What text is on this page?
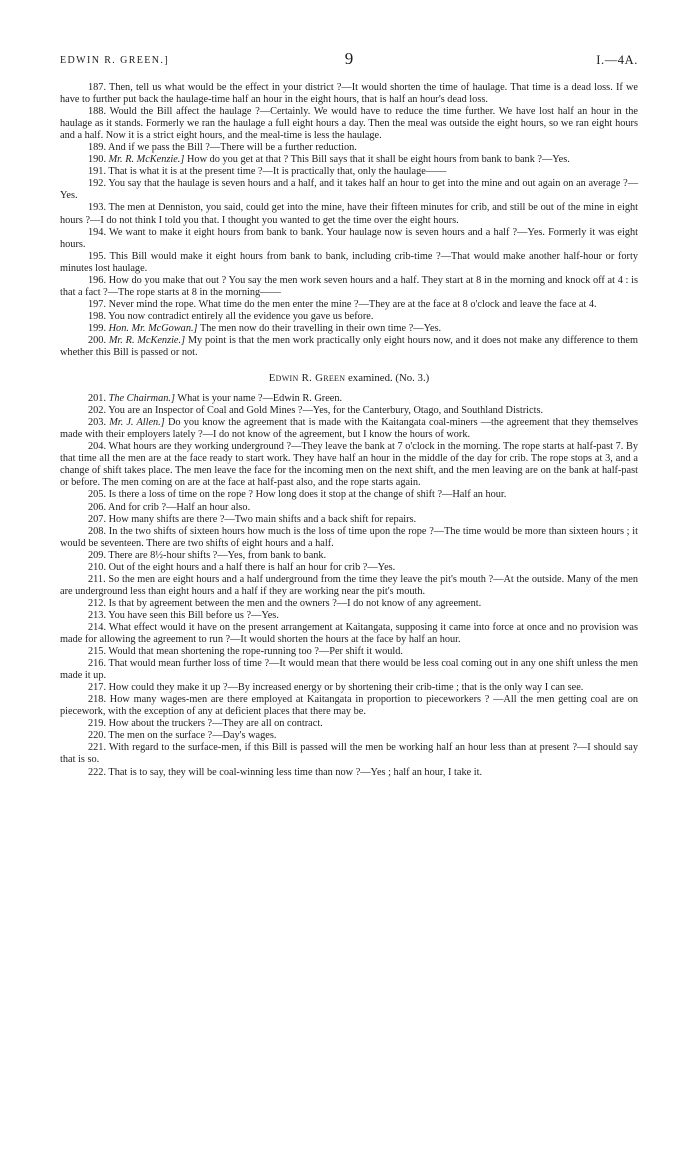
EDWIN R. GREEN.]	9	I.—4A.

187. Then, tell us what would be the effect in your district ?—It would shorten the time of haulage. That time is a dead loss. If we have to further put back the haulage-time half an hour in the eight hours, that is half an hour's dead loss.

188. Would the Bill affect the haulage ?—Certainly. We would have to reduce the time further. We have lost half an hour in the haulage as it stands. Formerly we ran the haulage a full eight hours a day. Then the meal was outside the eight hours, so we ran eight hours and a half. Now it is a strict eight hours, and the meal-time is less the haulage.

189. And if we pass the Bill ?—There will be a further reduction.

190. Mr. R. McKenzie.] How do you get at that ? This Bill says that it shall be eight hours from bank to bank ?—Yes.

191. That is what it is at the present time ?—It is practically that, only the haulage——

192. You say that the haulage is seven hours and a half, and it takes half an hour to get into the mine and out again on an average ?—Yes.

193. The men at Denniston, you said, could get into the mine, have their fifteen minutes for crib, and still be out of the mine in eight hours ?—I do not think I told you that. I thought you wanted to get the time over the eight hours.

194. We want to make it eight hours from bank to bank. Your haulage now is seven hours and a half ?—Yes. Formerly it was eight hours.

195. This Bill would make it eight hours from bank to bank, including crib-time ?—That would make another half-hour or forty minutes lost haulage.

196. How do you make that out ? You say the men work seven hours and a half. They start at 8 in the morning and knock off at 4 : is that a fact ?—The rope starts at 8 in the morning——

197. Never mind the rope. What time do the men enter the mine ?—They are at the face at 8 o'clock and leave the face at 4.

198. You now contradict entirely all the evidence you gave us before.

199. Hon. Mr. McGowan.] The men now do their travelling in their own time ?—Yes.

200. Mr. R. McKenzie.] My point is that the men work practically only eight hours now, and it does not make any difference to them whether this Bill is passed or not.

Edwin R. Green examined. (No. 3.)

201. The Chairman.] What is your name ?—Edwin R. Green.

202. You are an Inspector of Coal and Gold Mines ?—Yes, for the Canterbury, Otago, and Southland Districts.

203. Mr. J. Allen.] Do you know the agreement that is made with the Kaitangata coal-miners —the agreement that they themselves made with their employers lately ?—I do not know of the agreement, but I know the hours of work.

204. What hours are they working underground ?—They leave the bank at 7 o'clock in the morning. The rope starts at half-past 7. By that time all the men are at the face ready to start work. They have half an hour in the middle of the day for crib. The rope stops at 3, and a change of shift takes place. The men leave the face for the incoming men on the next shift, and the men leaving are on the bank at half-past or before. The men coming on are at the face at half-past also, and the rope starts again.

205. Is there a loss of time on the rope ? How long does it stop at the change of shift ?—Half an hour.

206. And for crib ?—Half an hour also.

207. How many shifts are there ?—Two main shifts and a back shift for repairs.

208. In the two shifts of sixteen hours how much is the loss of time upon the rope ?—The time would be more than sixteen hours ; it would be seventeen. There are two shifts of eight hours and a half.

209. There are 8½-hour shifts ?—Yes, from bank to bank.

210. Out of the eight hours and a half there is half an hour for crib ?—Yes.

211. So the men are eight hours and a half underground from the time they leave the pit's mouth ?—At the outside. Many of the men are underground less than eight hours and a half if they are working near the pit's mouth.

212. Is that by agreement between the men and the owners ?—I do not know of any agreement.

213. You have seen this Bill before us ?—Yes.

214. What effect would it have on the present arrangement at Kaitangata, supposing it came into force at once and no provision was made for allowing the agreement to run ?—It would shorten the hours at the face by half an hour.

215. Would that mean shortening the rope-running too ?—Per shift it would.

216. That would mean further loss of time ?—It would mean that there would be less coal coming out in any one shift unless the men made it up.

217. How could they make it up ?—By increased energy or by shortening their crib-time ; that is the only way I can see.

218. How many wages-men are there employed at Kaitangata in proportion to pieceworkers ? —All the men getting coal are on piecework, with the exception of any at deficient places that there may be.

219. How about the truckers ?—They are all on contract.

220. The men on the surface ?—Day's wages.

221. With regard to the surface-men, if this Bill is passed will the men be working half an hour less than at present ?—I should say that is so.

222. That is to say, they will be coal-winning less time than now ?—Yes ; half an hour, I take it.
